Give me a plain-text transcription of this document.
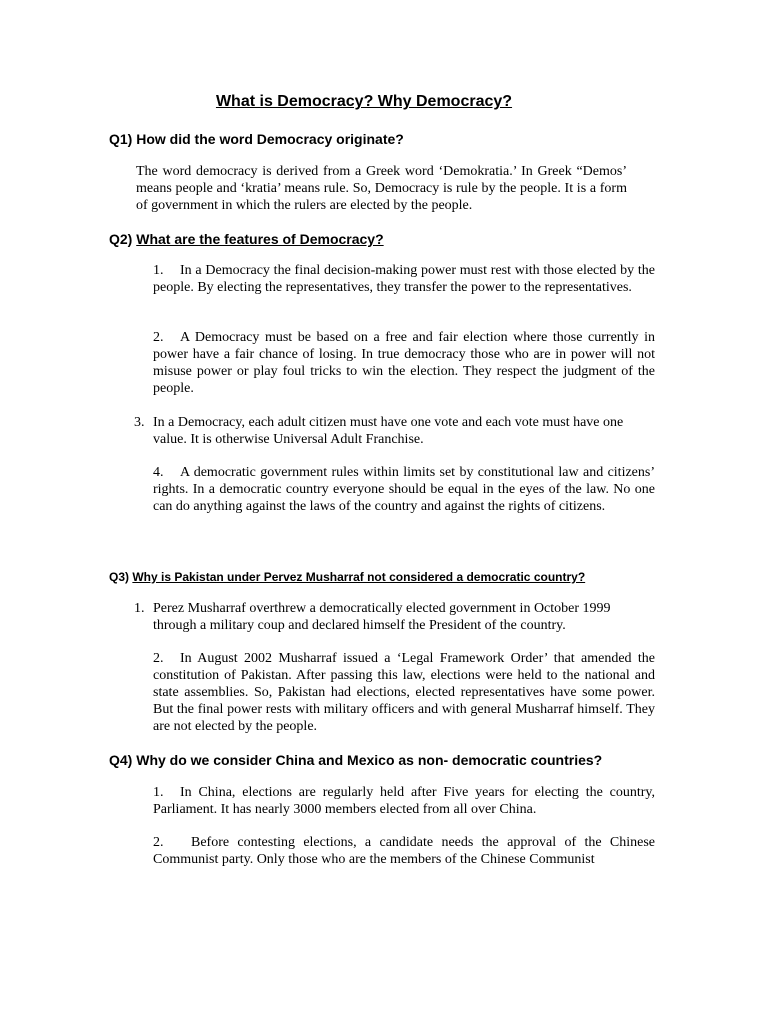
What is Democracy? Why Democracy?
Q1) How did the word Democracy originate?
The word democracy is derived from a Greek word ‘Demokratia.’ In Greek “Demos’ means people and ‘kratia’ means rule. So, Democracy is rule by the people. It is a form of government in which the rulers are elected by the people.
Q2) What are the features of Democracy?
1. In a Democracy the final decision-making power must rest with those elected by the people. By electing the representatives, they transfer the power to the representatives.
2. A Democracy must be based on a free and fair election where those currently in power have a fair chance of losing. In true democracy those who are in power will not misuse power or play foul tricks to win the election. They respect the judgment of the people.
3. In a Democracy, each adult citizen must have one vote and each vote must have one value. It is otherwise Universal Adult Franchise.
4. A democratic government rules within limits set by constitutional law and citizens’ rights. In a democratic country everyone should be equal in the eyes of the law. No one can do anything against the laws of the country and against the rights of citizens.
Q3) Why is Pakistan under Pervez Musharraf not considered a democratic country?
1. Perez Musharraf overthrew a democratically elected government in October 1999 through a military coup and declared himself the President of the country.
2. In August 2002 Musharraf issued a ‘Legal Framework Order’ that amended the constitution of Pakistan. After passing this law, elections were held to the national and state assemblies. So, Pakistan had elections, elected representatives have some power. But the final power rests with military officers and with general Musharraf himself. They are not elected by the people.
Q4) Why do we consider China and Mexico as non- democratic countries?
1. In China, elections are regularly held after Five years for electing the country, Parliament. It has nearly 3000 members elected from all over China.
2. Before contesting elections, a candidate needs the approval of the Chinese Communist party. Only those who are the members of the Chinese Communist
